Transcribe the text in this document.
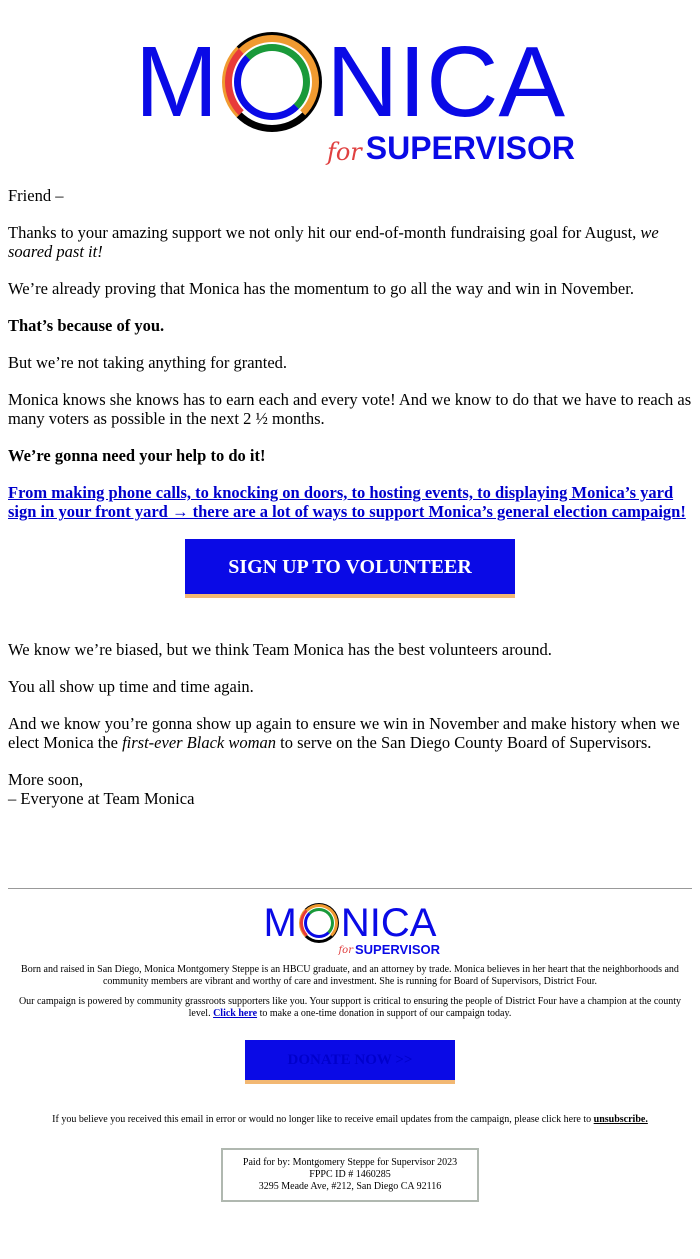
M NICA
for SUPERVISOR

Friend –

Thanks to your amazing support we not only hit our end-of-month fundraising goal for August, we soared past it!

We’re already proving that Monica has the momentum to go all the way and win in November.

That’s because of you.

But we’re not taking anything for granted.

Monica knows she knows has to earn each and every vote! And we know to do that we have to reach as many voters as possible in the next 2 ½ months.

We’re gonna need your help to do it!

From making phone calls, to knocking on doors, to hosting events, to displaying Monica’s yard sign in your front yard → there are a lot of ways to support Monica’s general election campaign!

SIGN UP TO VOLUNTEER

We know we’re biased, but we think Team Monica has the best volunteers around.

You all show up time and time again.

And we know you’re gonna show up again to ensure we win in November and make history when we elect Monica the first-ever Black woman to serve on the San Diego County Board of Supervisors.

More soon,
– Everyone at Team Monica

M NICA
for SUPERVISOR

Born and raised in San Diego, Monica Montgomery Steppe is an HBCU graduate, and an attorney by trade. Monica believes in her heart that the neighborhoods and community members are vibrant and worthy of care and investment. She is running for Board of Supervisors, District Four.

Our campaign is powered by community grassroots supporters like you. Your support is critical to ensuring the people of District Four have a champion at the county level. Click here to make a one-time donation in support of our campaign today.

DONATE NOW >>

If you believe you received this email in error or would no longer like to receive email updates from the campaign, please click here to unsubscribe.

Paid for by: Montgomery Steppe for Supervisor 2023
FPPC ID # 1460285
3295 Meade Ave, #212, San Diego CA 92116
